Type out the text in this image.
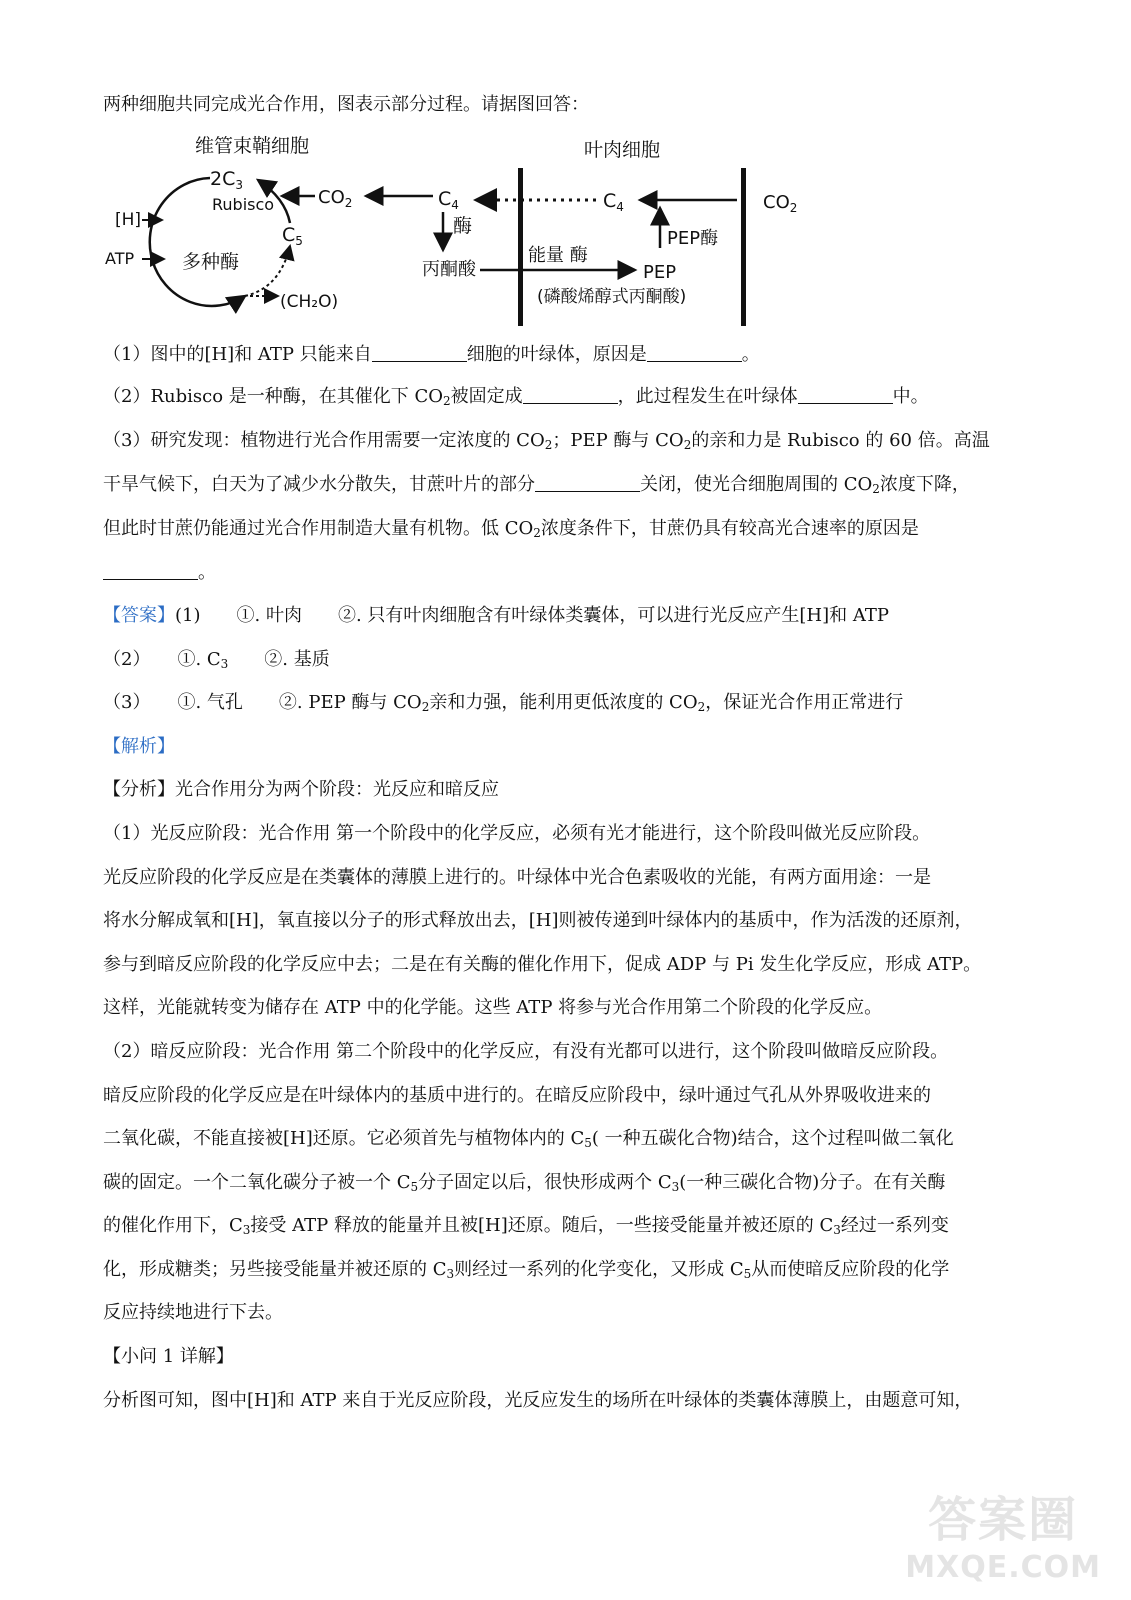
两种细胞共同完成光合作用，图表示部分过程。请据图回答：
维管束鞘细胞	叶肉细胞
$2C_3$
Rubisco
$C_5$
(CH₂O)
[H]
ATP	多种酶
$CO_2$	$C_4$
酶
丙酮酸
$C_4$
PEP酶
能量 酶
PEP
(磷酸烯醇式丙酮酸)
$CO_2$
（1）图中的[H]和 ATP 只能来自	细胞的叶绿体，原因是	。
（2）Rubisco 是一种酶，在其催化下 $CO_2$被固定成	，此过程发生在叶绿体	中。
（3）研究发现：植物进行光合作用需要一定浓度的 $CO_2$；PEP 酶与 $CO_2$的亲和力是 Rubisco 的 60 倍。高温
干旱气候下，白天为了减少水分散失，甘蔗叶片的部分	关闭，使光合细胞周围的 $CO_2$浓度下降，
但此时甘蔗仍能通过光合作用制造大量有机物。低 $CO_2$浓度条件下，甘蔗仍具有较高光合速率的原因是
。
【答案】(1)　　①. 叶肉　　②. 只有叶肉细胞含有叶绿体类囊体，可以进行光反应产生[H]和 ATP
（2）　　①. $C_3$　　②. 基质
（3）　　①. 气孔　　②. PEP 酶与 $CO_2$亲和力强，能利用更低浓度的 $CO_2$，保证光合作用正常进行
【解析】
【分析】光合作用分为两个阶段：光反应和暗反应
（1）光反应阶段：光合作用 第一个阶段中的化学反应，必须有光才能进行，这个阶段叫做光反应阶段。
光反应阶段的化学反应是在类囊体的薄膜上进行的。叶绿体中光合色素吸收的光能，有两方面用途：一是
将水分解成氧和[H]，氧直接以分子的形式释放出去，[H]则被传递到叶绿体内的基质中，作为活泼的还原剂，
参与到暗反应阶段的化学反应中去；二是在有关酶的催化作用下，促成 ADP 与 Pi 发生化学反应，形成 ATP。
这样，光能就转变为储存在 ATP 中的化学能。这些 ATP 将参与光合作用第二个阶段的化学反应。
（2）暗反应阶段：光合作用 第二个阶段中的化学反应，有没有光都可以进行，这个阶段叫做暗反应阶段。
暗反应阶段的化学反应是在叶绿体内的基质中进行的。在暗反应阶段中，绿叶通过气孔从外界吸收进来的
二氧化碳，不能直接被[H]还原。它必须首先与植物体内的 $C_5$( 一种五碳化合物)结合，这个过程叫做二氧化
碳的固定。一个二氧化碳分子被一个 $C_5$分子固定以后，很快形成两个 $C_3$(一种三碳化合物)分子。在有关酶
的催化作用下，$C_3$接受 ATP 释放的能量并且被[H]还原。随后，一些接受能量并被还原的 $C_3$经过一系列变
化，形成糖类；另些接受能量并被还原的 $C_3$则经过一系列的化学变化，又形成 $C_5$从而使暗反应阶段的化学
反应持续地进行下去。
【小问 1 详解】
分析图可知，图中[H]和 ATP 来自于光反应阶段，光反应发生的场所在叶绿体的类囊体薄膜上，由题意可知，
答案圈
MXQE.COM
